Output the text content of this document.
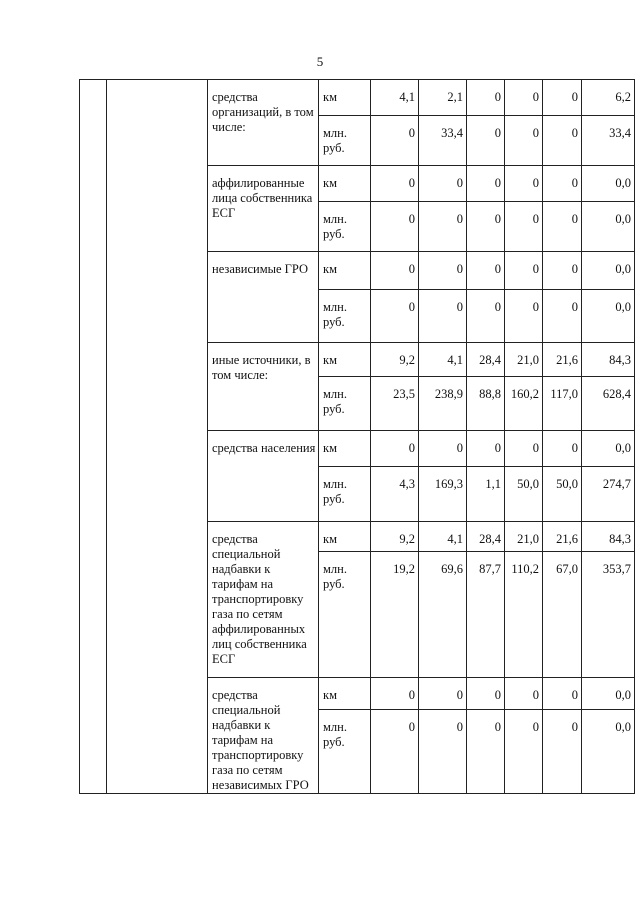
5
		средства организаций, в том числе:	км	4,1	2,1	0	0	0	6,2
			млн. руб.	0	33,4	0	0	0	33,4
		аффилированные лица собственника ЕСГ	км	0	0	0	0	0	0,0
			млн. руб.	0	0	0	0	0	0,0
		независимые ГРО	км	0	0	0	0	0	0,0
			млн. руб.	0	0	0	0	0	0,0
		иные источники, в том числе:	км	9,2	4,1	28,4	21,0	21,6	84,3
			млн. руб.	23,5	238,9	88,8	160,2	117,0	628,4
		средства населения	км	0	0	0	0	0	0,0
			млн. руб.	4,3	169,3	1,1	50,0	50,0	274,7
		средства специальной надбавки к тарифам на транспортировку газа по сетям аффилированных лиц собственника ЕСГ	км	9,2	4,1	28,4	21,0	21,6	84,3
			млн. руб.	19,2	69,6	87,7	110,2	67,0	353,7
		средства специальной надбавки к тарифам на транспортировку газа по сетям независимых ГРО	км	0	0	0	0	0	0,0
			млн. руб.	0	0	0	0	0	0,0
